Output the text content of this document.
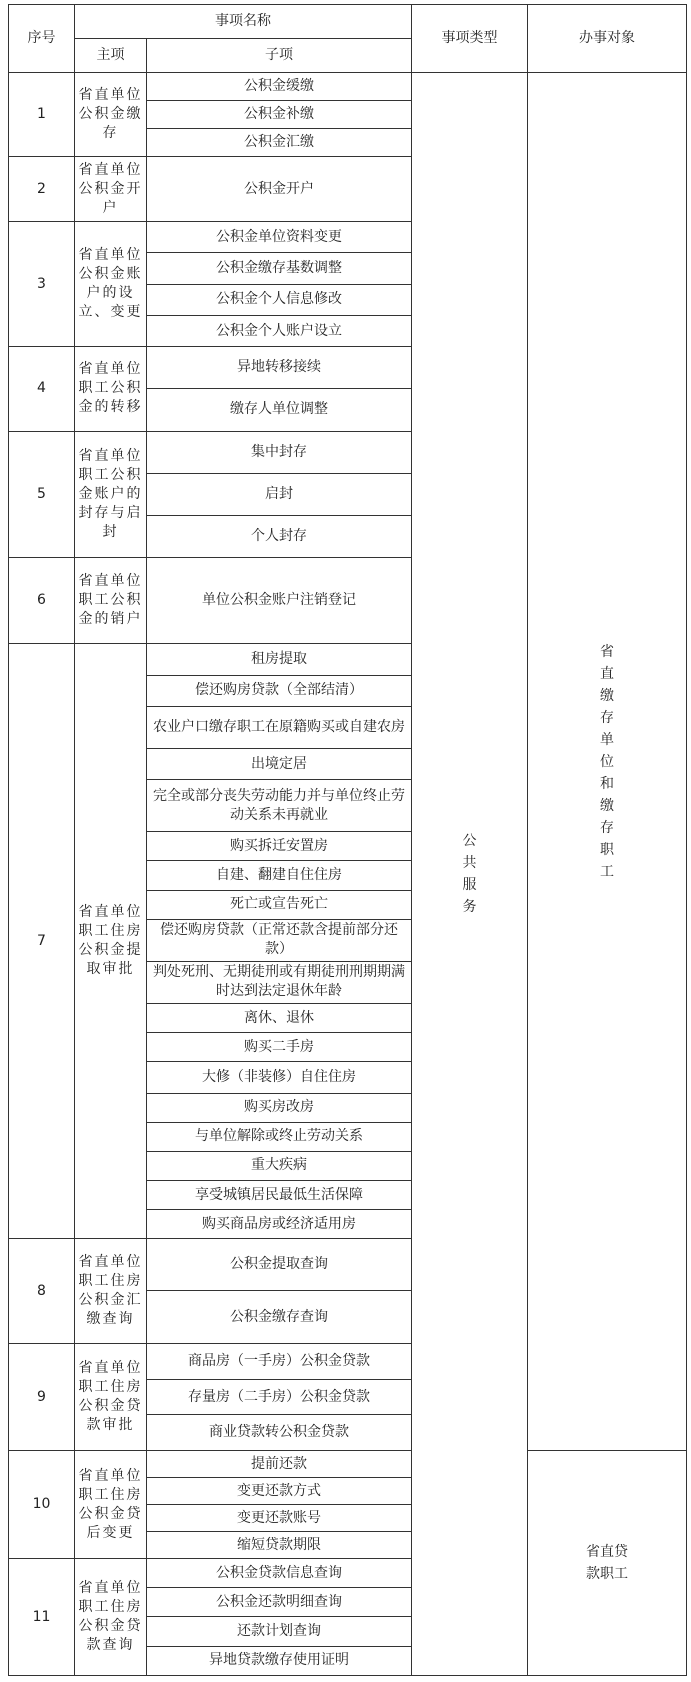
序号	事项名称		事项类型	办事对象
	主项	子项		
1	省直单位公积金缴存	公积金缓缴	公共服务	省直缴存单位和缴存职工
		公积金补缴		
		公积金汇缴		
2	省直单位公积金开户	公积金开户		
3	省直单位公积金账户的设立、变更	公积金单位资料变更		
		公积金缴存基数调整		
		公积金个人信息修改		
		公积金个人账户设立		
4	省直单位职工公积金的转移	异地转移接续		
		缴存人单位调整		
5	省直单位职工公积金账户的封存与启封	集中封存		
		启封		
		个人封存		
6	省直单位职工公积金的销户	单位公积金账户注销登记		
7	省直单位职工住房公积金提取审批	租房提取		
		偿还购房贷款（全部结清）		
		农业户口缴存职工在原籍购买或自建农房		
		出境定居		
		完全或部分丧失劳动能力并与单位终止劳动关系未再就业		
		购买拆迁安置房		
		自建、翻建自住住房		
		死亡或宣告死亡		
		偿还购房贷款（正常还款含提前部分还款）		
		判处死刑、无期徒刑或有期徒刑刑期期满时达到法定退休年龄		
		离休、退休		
		购买二手房		
		大修（非装修）自住住房		
		购买房改房		
		与单位解除或终止劳动关系		
		重大疾病		
		享受城镇居民最低生活保障		
		购买商品房或经济适用房		
8	省直单位职工住房公积金汇缴查询	公积金提取查询		
		公积金缴存查询		
9	省直单位职工住房公积金贷款审批	商品房（一手房）公积金贷款		
		存量房（二手房）公积金贷款		
		商业贷款转公积金贷款		
10	省直单位职工住房公积金贷后变更	提前还款		省直贷款职工
		变更还款方式		
		变更还款账号		
		缩短贷款期限		
11	省直单位职工住房公积金贷款查询	公积金贷款信息查询		
		公积金还款明细查询		
		还款计划查询		
		异地贷款缴存使用证明		
